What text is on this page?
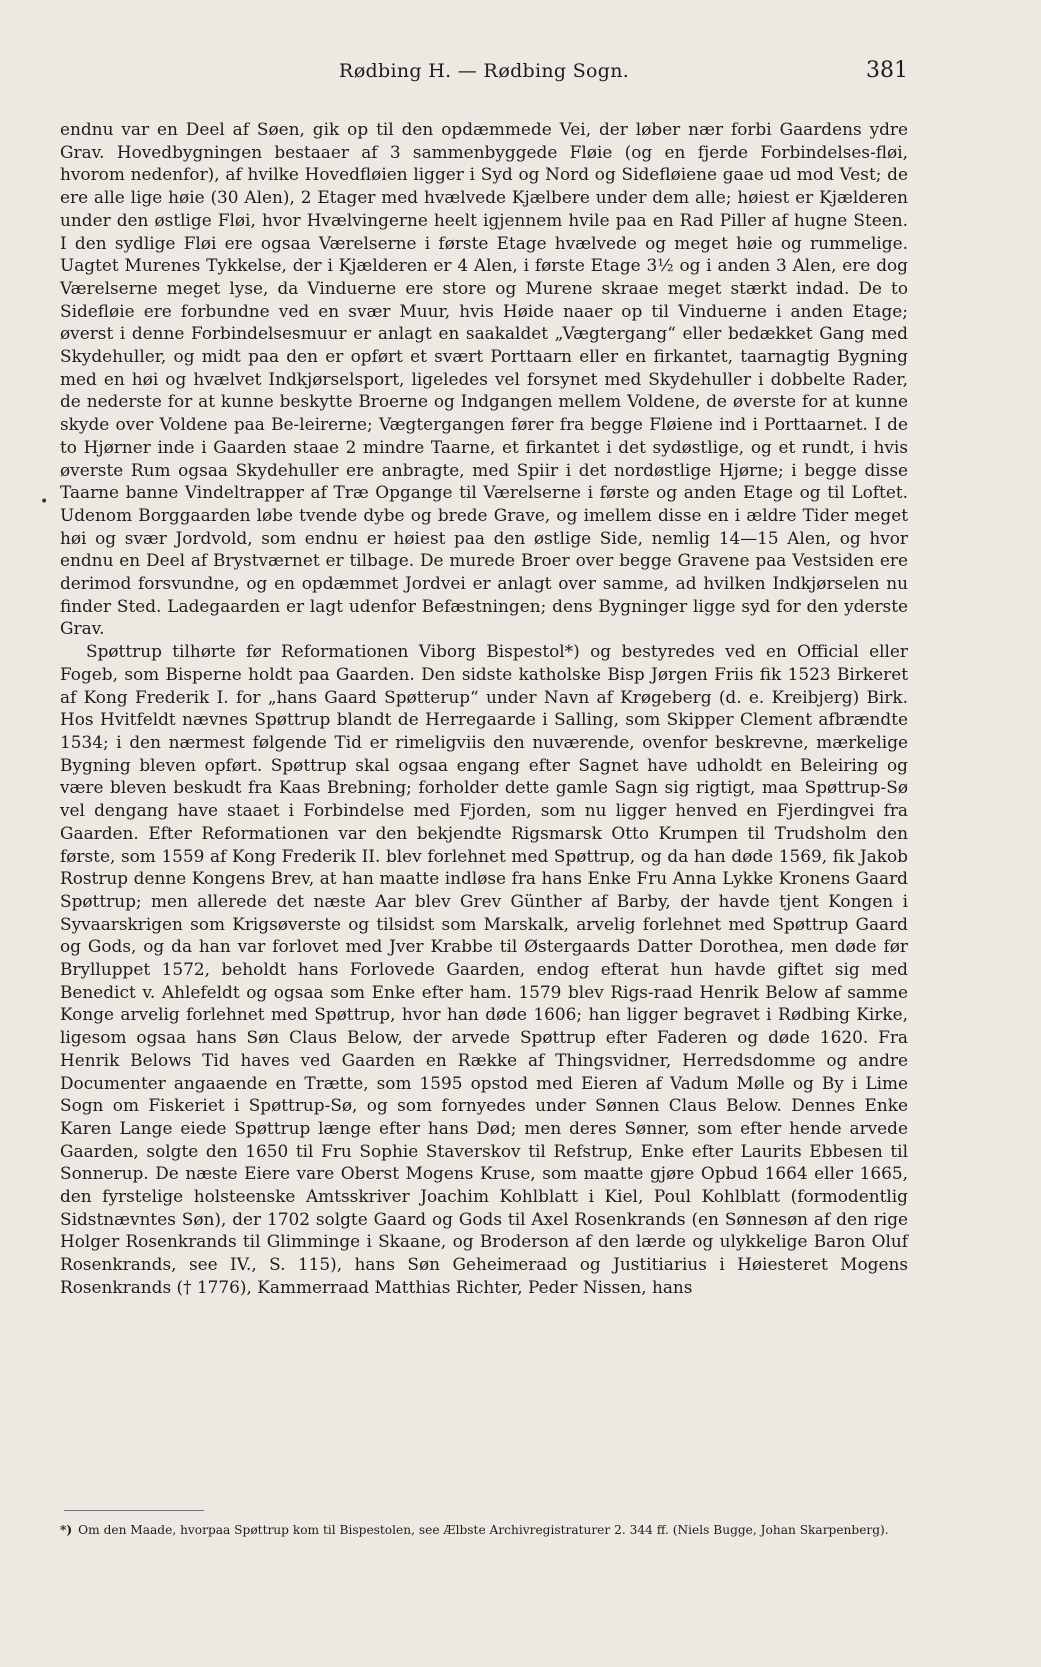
Rødbing H. — Rødbing Sogn.	381
•

endnu var en Deel af Søen, gik op til den opdæmmede Vei, der løber nær forbi Gaardens ydre Grav. Hovedbygningen bestaaer af 3 sammenbyggede Fløie (og en fjerde Forbindelses-fløi, hvorom nedenfor), af hvilke Hovedfløien ligger i Syd og Nord og Sidefløiene gaae ud mod Vest; de ere alle lige høie (30 Alen), 2 Etager med hvælvede Kjælbere under dem alle; høiest er Kjælderen under den østlige Fløi, hvor Hvælvingerne heelt igjennem hvile paa en Rad Piller af hugne Steen. I den sydlige Fløi ere ogsaa Værelserne i første Etage hvælvede og meget høie og rummelige. Uagtet Murenes Tykkelse, der i Kjælderen er 4 Alen, i første Etage 3½ og i anden 3 Alen, ere dog Værelserne meget lyse, da Vinduerne ere store og Murene skraae meget stærkt indad. De to Sidefløie ere forbundne ved en svær Muur, hvis Høide naaer op til Vinduerne i anden Etage; øverst i denne Forbindelsesmuur er anlagt en saakaldet „Vægtergang“ eller bedækket Gang med Skydehuller, og midt paa den er opført et svært Porttaarn eller en firkantet, taarnagtig Bygning med en høi og hvælvet Indkjørselsport, ligeledes vel forsynet med Skydehuller i dobbelte Rader, de nederste for at kunne beskytte Broerne og Indgangen mellem Voldene, de øverste for at kunne skyde over Voldene paa Be-leirerne; Vægtergangen fører fra begge Fløiene ind i Porttaarnet. I de to Hjørner inde i Gaarden staae 2 mindre Taarne, et firkantet i det sydøstlige, og et rundt, i hvis øverste Rum ogsaa Skydehuller ere anbragte, med Spiir i det nordøstlige Hjørne; i begge disse Taarne banne Vindeltrapper af Træ Opgange til Værelserne i første og anden Etage og til Loftet. Udenom Borggaarden løbe tvende dybe og brede Grave, og imellem disse en i ældre Tider meget høi og svær Jordvold, som endnu er høiest paa den østlige Side, nemlig 14—15 Alen, og hvor endnu en Deel af Brystværnet er tilbage. De murede Broer over begge Gravene paa Vestsiden ere derimod forsvundne, og en opdæmmet Jordvei er anlagt over samme, ad hvilken Indkjørselen nu finder Sted. Ladegaarden er lagt udenfor Befæstningen; dens Bygninger ligge syd for den yderste Grav.

Spøttrup tilhørte før Reformationen Viborg Bispestol*) og bestyredes ved en Official eller Fogeb, som Bisperne holdt paa Gaarden. Den sidste katholske Bisp Jørgen Friis fik 1523 Birkeret af Kong Frederik I. for „hans Gaard Spøtterup“ under Navn af Krøgeberg (d. e. Kreibjerg) Birk. Hos Hvitfeldt nævnes Spøttrup blandt de Herregaarde i Salling, som Skipper Clement afbrændte 1534; i den nærmest følgende Tid er rimeligviis den nuværende, ovenfor beskrevne, mærkelige Bygning bleven opført. Spøttrup skal ogsaa engang efter Sagnet have udholdt en Beleiring og være bleven beskudt fra Kaas Brebning; forholder dette gamle Sagn sig rigtigt, maa Spøttrup-Sø vel dengang have staaet i Forbindelse med Fjorden, som nu ligger henved en Fjerdingvei fra Gaarden. Efter Reformationen var den bekjendte Rigsmarsk Otto Krumpen til Trudsholm den første, som 1559 af Kong Frederik II. blev forlehnet med Spøttrup, og da han døde 1569, fik Jakob Rostrup denne Kongens Brev, at han maatte indløse fra hans Enke Fru Anna Lykke Kronens Gaard Spøttrup; men allerede det næste Aar blev Grev Günther af Barby, der havde tjent Kongen i Syvaarskrigen som Krigsøverste og tilsidst som Marskalk, arvelig forlehnet med Spøttrup Gaard og Gods, og da han var forlovet med Jver Krabbe til Østergaards Datter Dorothea, men døde før Brylluppet 1572, beholdt hans Forlovede Gaarden, endog efterat hun havde giftet sig med Benedict v. Ahlefeldt og ogsaa som Enke efter ham. 1579 blev Rigs-raad Henrik Below af samme Konge arvelig forlehnet med Spøttrup, hvor han døde 1606; han ligger begravet i Rødbing Kirke, ligesom ogsaa hans Søn Claus Below, der arvede Spøttrup efter Faderen og døde 1620. Fra Henrik Belows Tid haves ved Gaarden en Række af Thingsvidner, Herredsdomme og andre Documenter angaaende en Trætte, som 1595 opstod med Eieren af Vadum Mølle og By i Lime Sogn om Fiskeriet i Spøttrup-Sø, og som fornyedes under Sønnen Claus Below. Dennes Enke Karen Lange eiede Spøttrup længe efter hans Død; men deres Sønner, som efter hende arvede Gaarden, solgte den 1650 til Fru Sophie Staverskov til Refstrup, Enke efter Laurits Ebbesen til Sonnerup. De næste Eiere vare Oberst Mogens Kruse, som maatte gjøre Opbud 1664 eller 1665, den fyrstelige holsteenske Amtsskriver Joachim Kohlblatt i Kiel, Poul Kohlblatt (formodentlig Sidstnævntes Søn), der 1702 solgte Gaard og Gods til Axel Rosenkrands (en Sønnesøn af den rige Holger Rosenkrands til Glimminge i Skaane, og Broderson af den lærde og ulykkelige Baron Oluf Rosenkrands, see IV., S. 115), hans Søn Geheimeraad og Justitiarius i Høiesteret Mogens Rosenkrands († 1776), Kammerraad Matthias Richter, Peder Nissen, hans

*) Om den Maade, hvorpaa Spøttrup kom til Bispestolen, see Ælbste Archivregistraturer 2. 344 ff. (Niels Bugge, Johan Skarpenberg).
